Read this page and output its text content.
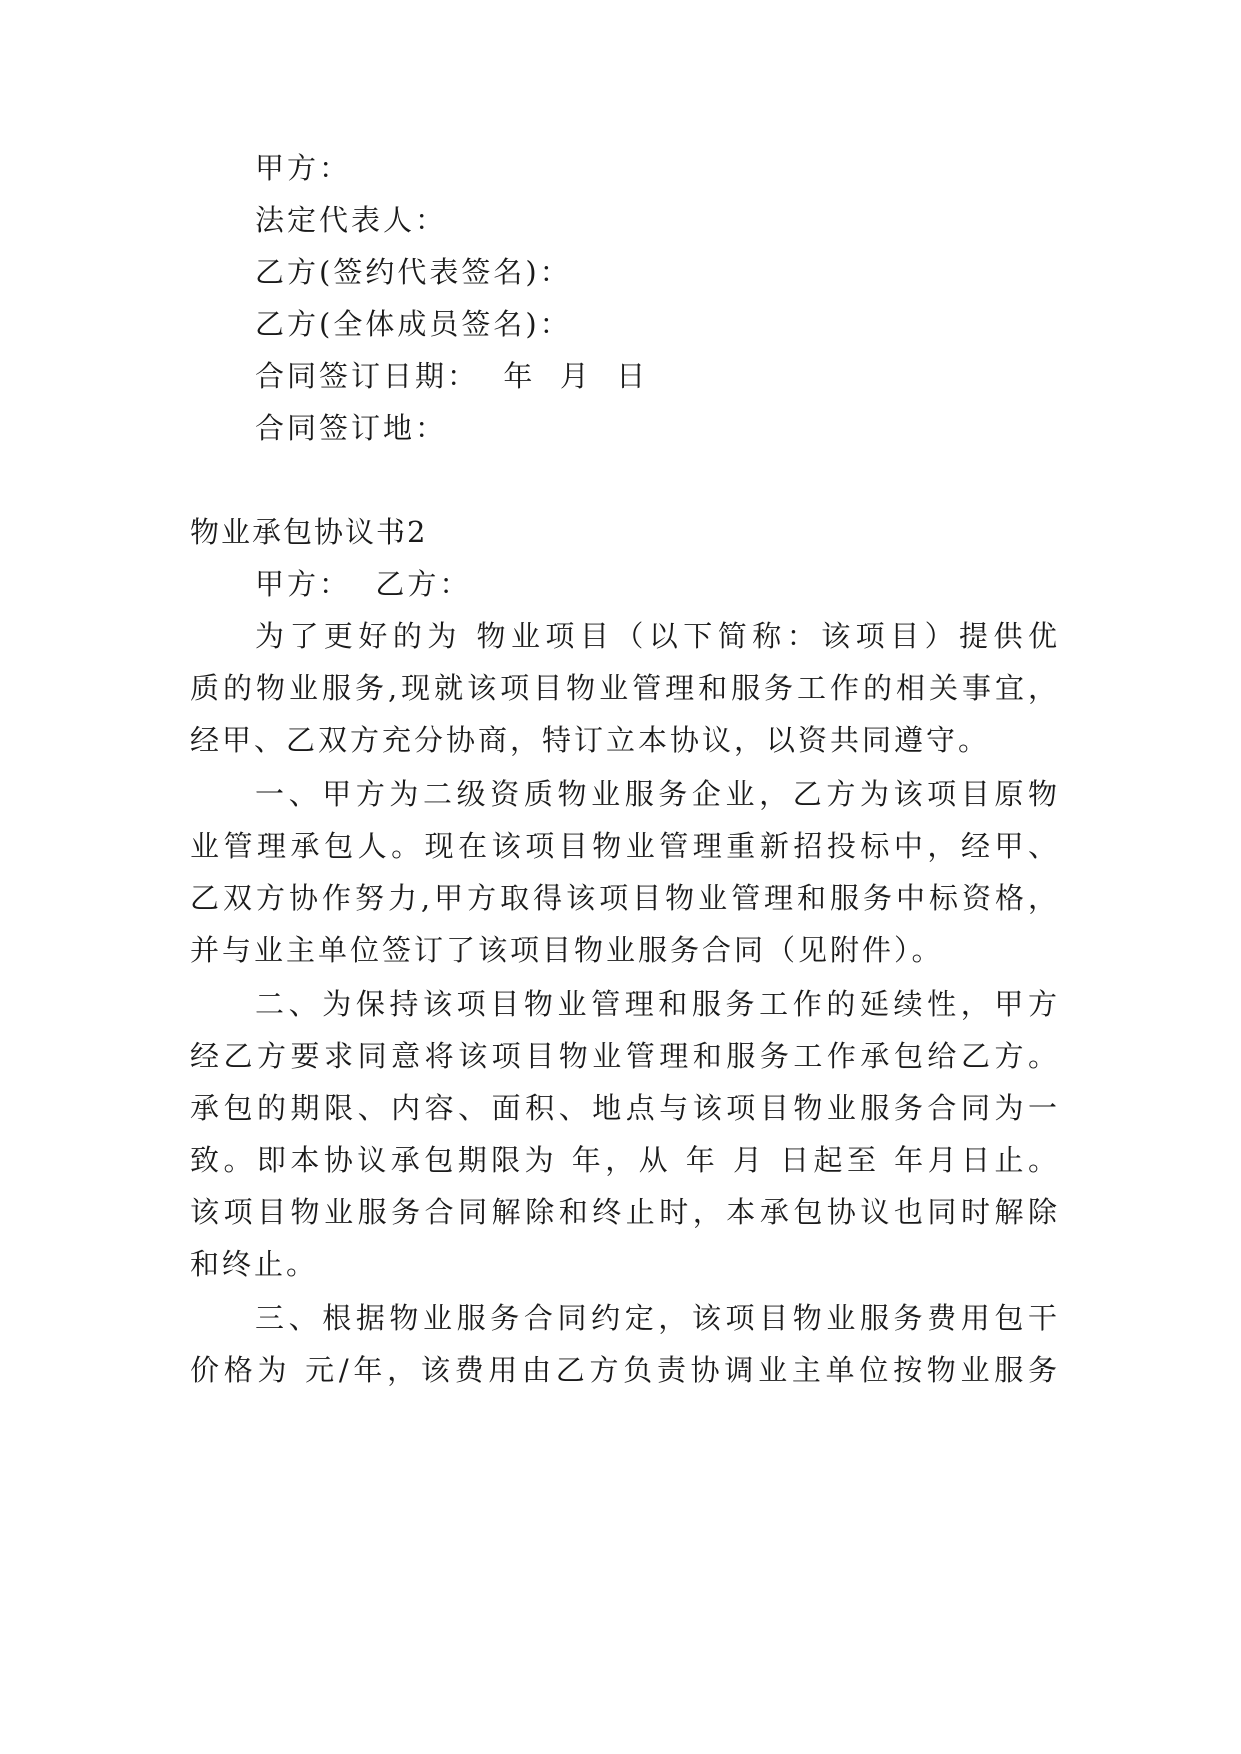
甲方：
法定代表人：
乙方(签约代表签名)：
乙方(全体成员签名)：
合同签订日期：  年  月  日
合同签订地：
物业承包协议书2
甲方：  乙方：
为了更好的为 物业项目（以下简称：该项目）提供优
质的物业服务,现就该项目物业管理和服务工作的相关事宜，
经甲、乙双方充分协商，特订立本协议，以资共同遵守。
一、甲方为二级资质物业服务企业，乙方为该项目原物
业管理承包人。现在该项目物业管理重新招投标中，经甲、
乙双方协作努力,甲方取得该项目物业管理和服务中标资格，
并与业主单位签订了该项目物业服务合同（见附件）。
二、为保持该项目物业管理和服务工作的延续性，甲方
经乙方要求同意将该项目物业管理和服务工作承包给乙方。
承包的期限、内容、面积、地点与该项目物业服务合同为一
致。即本协议承包期限为 年，从 年 月 日起至 年月日止。
该项目物业服务合同解除和终止时，本承包协议也同时解除
和终止。
三、根据物业服务合同约定，该项目物业服务费用包干
价格为 元/年，该费用由乙方负责协调业主单位按物业服务
